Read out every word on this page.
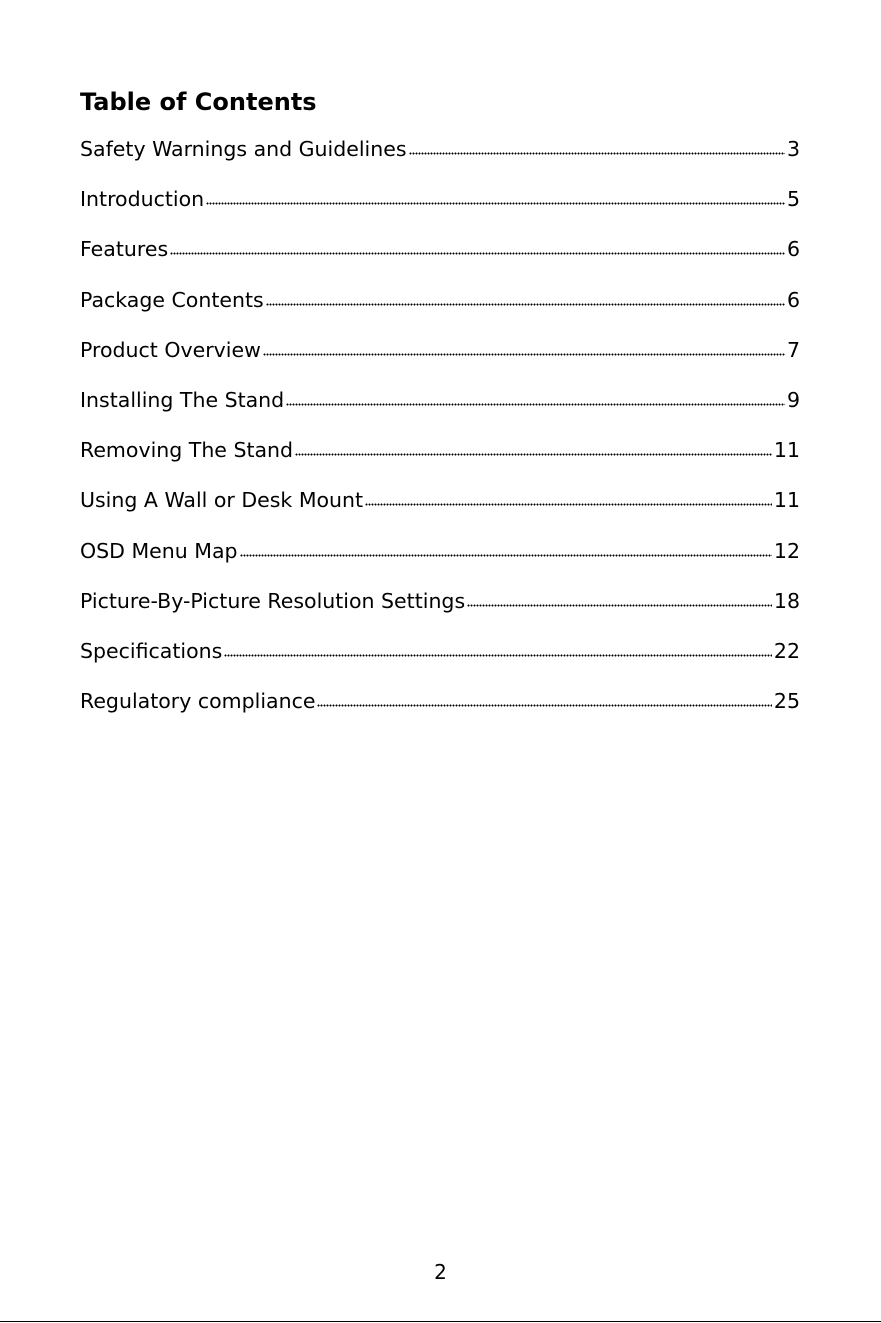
Table of Contents
Safety Warnings and Guidelines	3
Introduction	5
Features	6
Package Contents	6
Product Overview	7
Installing The Stand	9
Removing The Stand	11
Using A Wall or Desk Mount	11
OSD Menu Map	12
Picture-By-Picture Resolution Settings	18
Specifications	22
Regulatory compliance	25
2
